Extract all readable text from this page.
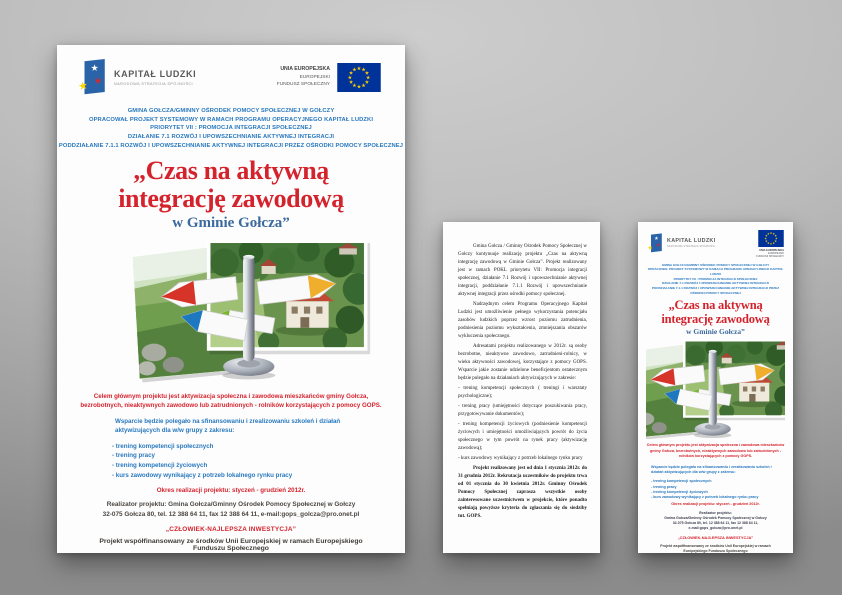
KAPITAŁ LUDZKI
NARODOWA STRATEGIA SPÓJNOŚCI
UNIA EUROPEJSKA
EUROPEJSKI
FUNDUSZ SPOŁECZNY
GMINA GOŁCZA/GMINNY OŚRODEK POMOCY SPOŁECZNEJ W GOŁCZY
OPRACOWAŁ PROJEKT SYSTEMOWY W RAMACH PROGRAMU OPERACYJNEGO KAPITAŁ LUDZKI
PRIORYTET VII : PROMOCJA INTEGRACJI SPOŁECZNEJ
DZIAŁANIE 7.1 ROZWÓJ I UPOWSZECHNIANIE AKTYWNEJ INTEGRACJI
PODDZIAŁANIE 7.1.1 ROZWÓJ I UPOWSZECHNIANIE AKTYWNEJ INTEGRACJI PRZEZ OŚRODKI POMOCY SPOŁECZNEJ
„Czas na aktywną
integrację zawodową
w Gminie Gołcza”
Celem głównym projektu jest aktywizacja społeczna i zawodowa mieszkańców gminy Gołcza, bezrobotnych, nieaktywnych zawodowo lub zatrudnionych - rolników korzystających z pomocy GOPS.
Wsparcie będzie polegało na sfinansowaniu i zrealizowaniu szkoleń i działań aktywizujących dla w/w grupy z zakresu:
- trening kompetencji społecznych
- trening pracy
- trening kompetencji życiowych
- kurs zawodowy wynikający z potrzeb lokalnego rynku pracy
Okres realizacji projektu: styczeń - grudzień 2012r.
Realizator projektu: Gmina Gołcza/Gminny Ośrodek Pomocy Społecznej w Gołczy
32-075 Gołcza 80, tel. 12 388 64 11, fax 12 388 64 11, e-mail:gops_golcza@pro.onet.pl
„CZŁOWIEK-NAJLEPSZA INWESTYCJA”
Projekt współfinansowany ze środków Unii Europejskiej w ramach Europejskiego Funduszu Społecznego

Gmina Gołcza / Gminny Ośrodek Pomocy Społecznej w Gołczy kontynuuje realizację projektu „Czas na aktywną integrację zawodową w Gminie Gołcza”. Projekt realizowany jest w ramach POKL priorytetu VII: Promocja integracji społecznej, działanie 7.1 Rozwój i upowszechnianie aktywnej integracji, poddziałanie 7.1.1 Rozwój i upowszechnianie aktywnej integracji przez ośrodki pomocy społecznej.

Nadrzędnym celem Programu Operacyjnego Kapitał Ludzki jest umożliwienie pełnego wykorzystania potencjału zasobów ludzkich poprzez wzrost poziomu zatrudnienia, podniesienia poziomu wykształcenia, zmniejszania obszarów wykluczenia społecznego.

Adresatami projektu realizowanego w 2012r. są osoby bezrobotne, nieaktywne zawodowo, zatrudnieni-rolnicy, w wieku aktywności zawodowej, korzystające z pomocy GOPS. Wsparcie jakie zostanie udzielone beneficjentom ostatecznym będzie polegało na działaniach aktywizujących w zakresie:

- trening kompetencji społecznych ( treningi i warsztaty psychologiczne);

- trening pracy (umiejętności dotyczące poszukiwania pracy, przygotowywanie dokumentów);

- trening kompetencji życiowych (podniesienie kompetencji życiowych i umiejętności umożliwiających powrót do życia społecznego w tym powrót na rynek pracy (aktywizację zawodową);

- kurs zawodowy wynikający z potrzeb lokalnego rynku pracy

Projekt realizowany jest od dnia 1 stycznia 2012r. do 31 grudnia 2012r. Rekrutacja uczestników do projektu trwa od 01 stycznia do 30 kwietnia 2012r. Gminny Ośrodek Pomocy Społecznej zaprasza wszystkie osoby zainteresowane uczestnictwem w projekcie, które ponadto spełniają powyższe kryteria do zgłaszania się do siedziby tut. GOPS.

KAPITAŁ LUDZKI
NARODOWA STRATEGIA SPÓJNOŚCI
UNIA EUROPEJSKA
EUROPEJSKI
FUNDUSZ SPOŁECZNY
GMINA GOŁCZA/GMINNY OŚRODEK POMOCY SPOŁECZNEJ W GOŁCZY
OPRACOWAŁ PROJEKT SYSTEMOWY W RAMACH PROGRAMU OPERACYJNEGO KAPITAŁ LUDZKI
PRIORYTET VII : PROMOCJA INTEGRACJI SPOŁECZNEJ
DZIAŁANIE 7.1 ROZWÓJ I UPOWSZECHNIANIE AKTYWNEJ INTEGRACJI
PODDZIAŁANIE 7.1.1 ROZWÓJ I UPOWSZECHNIANIE AKTYWNEJ INTEGRACJI PRZEZ OŚRODKI POMOCY SPOŁECZNEJ
„Czas na aktywną
integrację zawodową
w Gminie Gołcza”
Celem głównym projektu jest aktywizacja społeczna i zawodowa mieszkańców gminy Gołcza, bezrobotnych, nieaktywnych zawodowo lub zatrudnionych - rolników korzystających z pomocy GOPS.
Wsparcie będzie polegało na sfinansowaniu i zrealizowaniu szkoleń i działań aktywizujących dla w/w grupy z zakresu:
- trening kompetencji społecznych
- trening pracy
- trening kompetencji życiowych
- kurs zawodowy wynikający z potrzeb lokalnego rynku pracy
Okres realizacji projektu: styczeń - grudzień 2012r.
Realizator projektu:
Gmina Gołcza/Gminny Ośrodek Pomocy Społecznej w Gołczy
32-075 Gołcza 80, tel. 12 388 64 11, fax 12 388 64 11,
e-mail:gops_golcza@pro.onet.pl
„CZŁOWIEK-NAJLEPSZA INWESTYCJA”
Projekt współfinansowany ze środków Unii Europejskiej w ramach
Europejskiego Funduszu Społecznego
